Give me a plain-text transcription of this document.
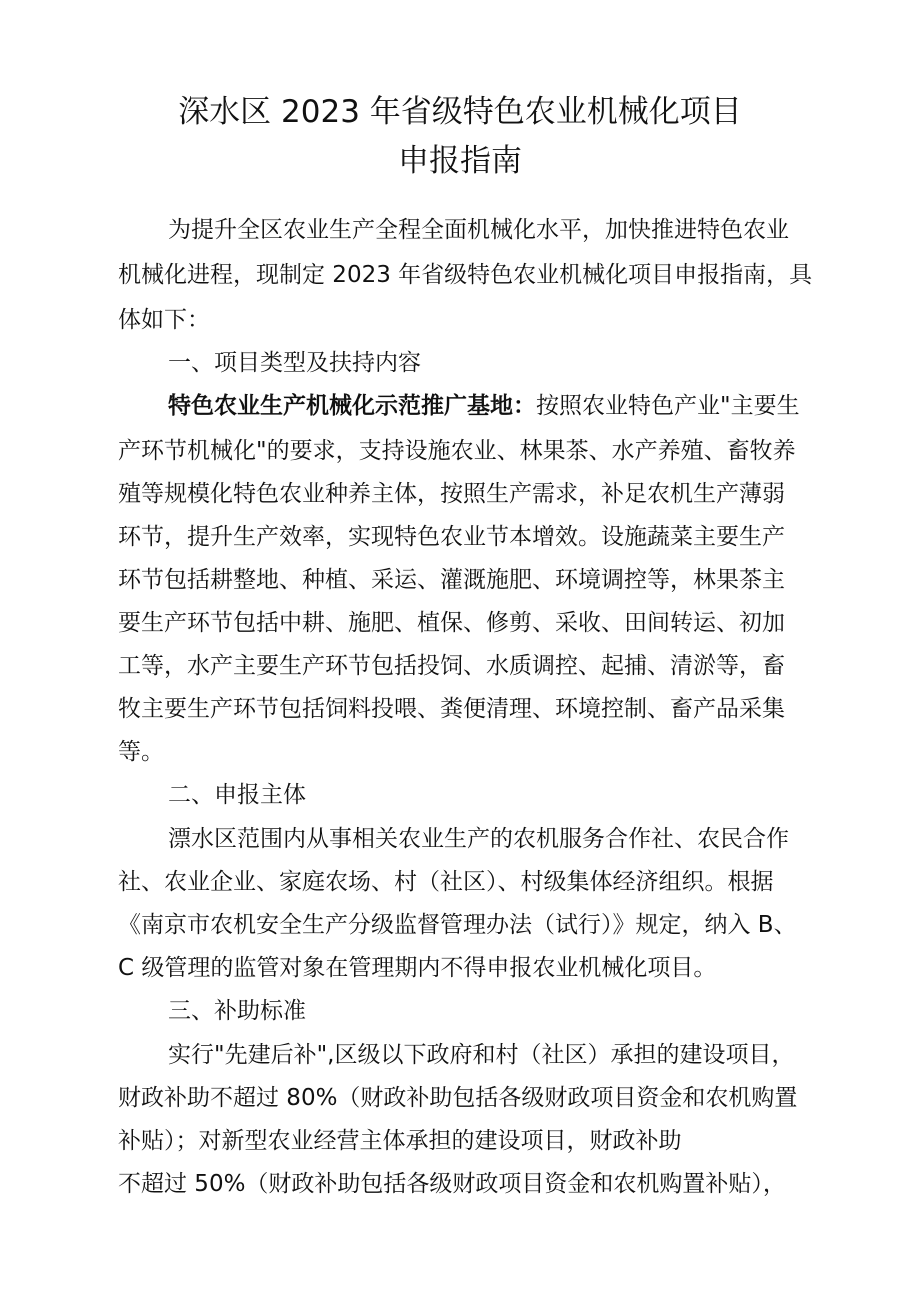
深水区 2023 年省级特色农业机械化项目
申报指南
为提升全区农业生产全程全面机械化水平，加快推进特色农业
机械化进程，现制定 2023 年省级特色农业机械化项目申报指南，具
体如下：
一、项目类型及扶持内容
特色农业生产机械化示范推广基地：按照农业特色产业"主要生
产环节机械化"的要求，支持设施农业、林果茶、水产养殖、畜牧养
殖等规模化特色农业种养主体，按照生产需求，补足农机生产薄弱
环节，提升生产效率，实现特色农业节本增效。设施蔬菜主要生产
环节包括耕整地、种植、采运、灌溉施肥、环境调控等，林果茶主
要生产环节包括中耕、施肥、植保、修剪、采收、田间转运、初加
工等，水产主要生产环节包括投饲、水质调控、起捕、清淤等，畜
牧主要生产环节包括饲料投喂、粪便清理、环境控制、畜产品采集
等。
二、申报主体
漂水区范围内从事相关农业生产的农机服务合作社、农民合作
社、农业企业、家庭农场、村（社区）、村级集体经济组织。根据
《南京市农机安全生产分级监督管理办法（试行）》规定，纳入 B、
C 级管理的监管对象在管理期内不得申报农业机械化项目。
三、补助标准
实行"先建后补",区级以下政府和村（社区）承担的建设项目，
财政补助不超过 80%（财政补助包括各级财政项目资金和农机购置
补贴）；对新型农业经营主体承担的建设项目，财政补助
不超过 50%（财政补助包括各级财政项目资金和农机购置补贴），
